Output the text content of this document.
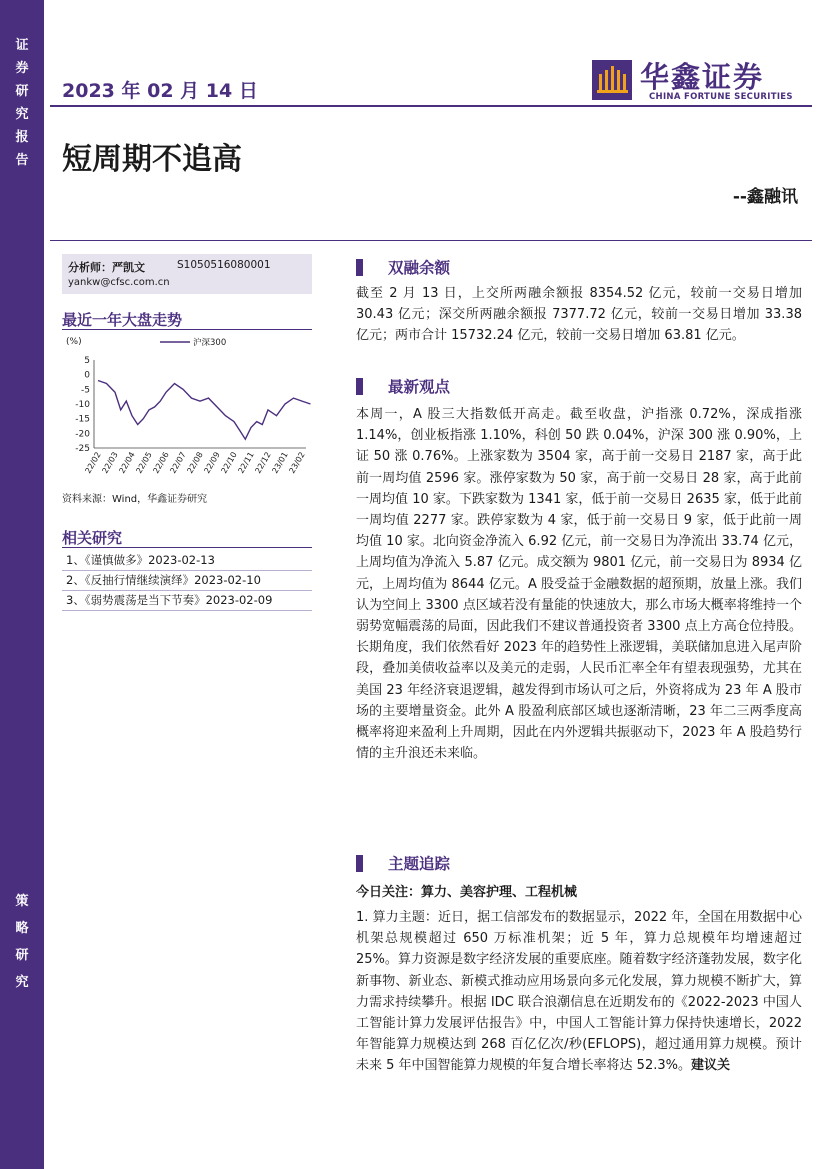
证
券
研
究
报
告
策
略
研
究
2023 年 02 月 14 日	华鑫证券
CHINA FORTUNE SECURITIES
短周期不追高
--鑫融讯
分析师：严凯文	S1050516080001
yankw@cfsc.com.cn
最近一年大盘走势
(%)	沪深300
5
0
-5
-10
-15
-20
-25
22/02
22/03
22/04
22/05
22/06
22/07
22/08
22/09
22/10
22/11
22/12
23/01
23/02
资料来源：Wind，华鑫证券研究
相关研究
1、《谨慎做多》2023-02-13
2、《反抽行情继续演绎》2023-02-10
3、《弱势震荡是当下节奏》2023-02-09
双融余额
截至 2 月 13 日，上交所两融余额报 8354.52 亿元，较前一交易日增加 30.43 亿元；深交所两融余额报 7377.72 亿元，较前一交易日增加 33.38 亿元；两市合计 15732.24 亿元，较前一交易日增加 63.81 亿元。
最新观点
本周一，A 股三大指数低开高走。截至收盘，沪指涨 0.72%，深成指涨 1.14%，创业板指涨 1.10%，科创 50 跌 0.04%，沪深 300 涨 0.90%，上证 50 涨 0.76%。上涨家数为 3504 家，高于前一交易日 2187 家，高于此前一周均值 2596 家。涨停家数为 50 家，高于前一交易日 28 家，高于此前一周均值 10 家。下跌家数为 1341 家，低于前一交易日 2635 家，低于此前一周均值 2277 家。跌停家数为 4 家，低于前一交易日 9 家，低于此前一周均值 10 家。北向资金净流入 6.92 亿元，前一交易日为净流出 33.74 亿元，上周均值为净流入 5.87 亿元。成交额为 9801 亿元，前一交易日为 8934 亿元，上周均值为 8644 亿元。A 股受益于金融数据的超预期，放量上涨。我们认为空间上 3300 点区域若没有量能的快速放大，那么市场大概率将维持一个弱势宽幅震荡的局面，因此我们不建议普通投资者 3300 点上方高仓位持股。长期角度，我们依然看好 2023 年的趋势性上涨逻辑，美联储加息进入尾声阶段，叠加美债收益率以及美元的走弱，人民币汇率全年有望表现强势，尤其在美国 23 年经济衰退逻辑，越发得到市场认可之后，外资将成为 23 年 A 股市场的主要增量资金。此外 A 股盈利底部区域也逐渐清晰，23 年二三两季度高概率将迎来盈利上升周期，因此在内外逻辑共振驱动下，2023 年 A 股趋势行情的主升浪还未来临。
主题追踪
今日关注：算力、美容护理、工程机械
1. 算力主题：近日，据工信部发布的数据显示，2022 年，全国在用数据中心机架总规模超过 650 万标准机架；近 5 年，算力总规模年均增速超过 25%。算力资源是数字经济发展的重要底座。随着数字经济蓬勃发展，数字化新事物、新业态、新模式推动应用场景向多元化发展，算力规模不断扩大，算力需求持续攀升。根据 IDC 联合浪潮信息在近期发布的《2022-2023 中国人工智能计算力发展评估报告》中，中国人工智能计算力保持快速增长，2022 年智能算力规模达到 268 百亿亿次/秒(EFLOPS)，超过通用算力规模。预计未来 5 年中国智能算力规模的年复合增长率将达 52.3%。建议关
